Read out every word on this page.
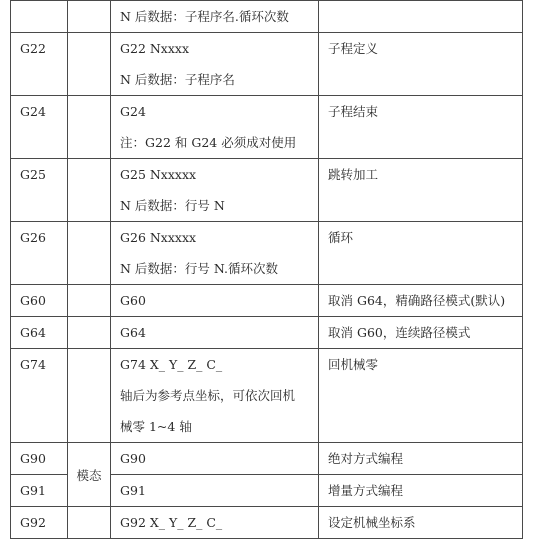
		N 后数据：子程序名.循环次数	

G22		G22 Nxxxx
N 后数据：子程序名	子程定义

G24		G24
注：G22 和 G24 必须成对使用	子程结束

G25		G25 Nxxxxx
N 后数据：行号 N	跳转加工

G26		G26 Nxxxxx
N 后数据：行号 N.循环次数	循环

G60		G60	取消 G64，精确路径模式(默认)

G64		G64	取消 G60，连续路径模式

G74		G74 X_ Y_ Z_ C_
轴后为参考点坐标，可依次回机
械零 1~4 轴	回机械零

G90	模态	G90	绝对方式编程

G91		G91	增量方式编程

G92		G92 X_ Y_ Z_ C_	设定机械坐标系
